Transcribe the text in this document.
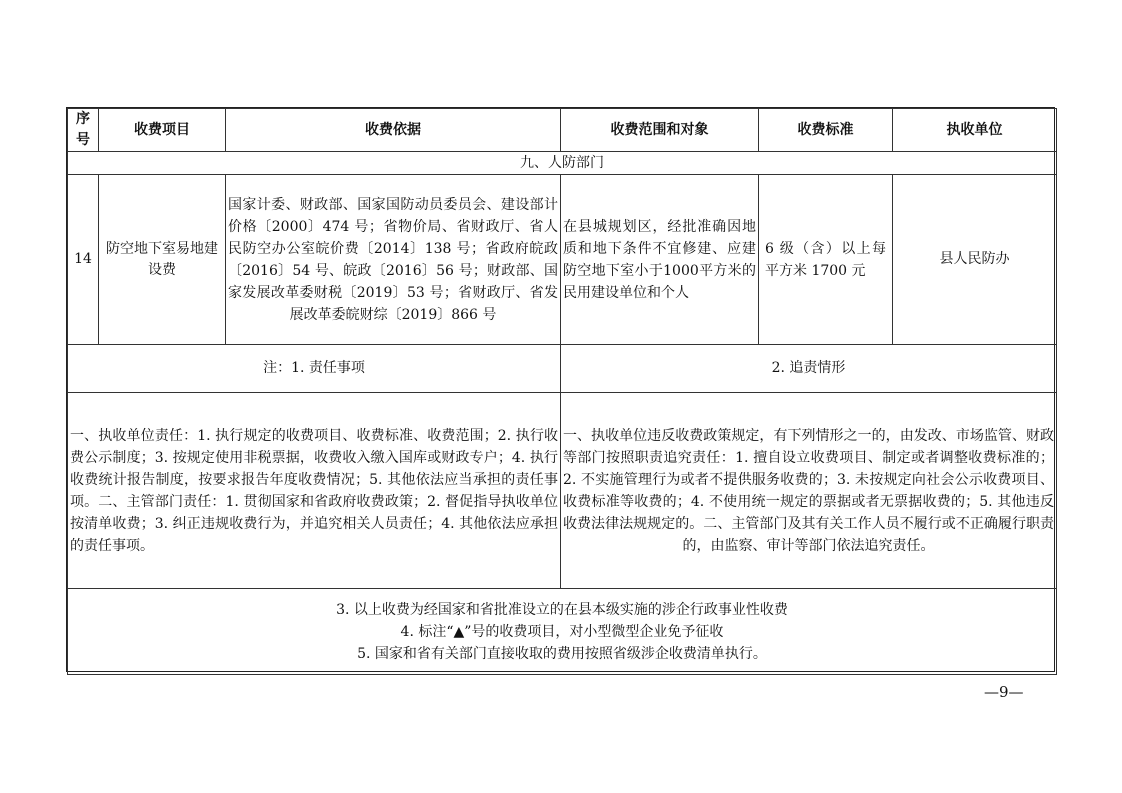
序号	收费项目	收费依据	收费范围和对象	收费标准	执收单位
九、人防部门					
14	防空地下室易地建设费	国家计委、财政部、国家国防动员委员会、建设部计价格〔2000〕474 号；省物价局、省财政厅、省人民防空办公室皖价费〔2014〕138 号；省政府皖政〔2016〕54 号、皖政〔2016〕56 号；财政部、国家发展改革委财税〔2019〕53 号；省财政厅、省发展改革委皖财综〔2019〕866 号	在县城规划区，经批准确因地质和地下条件不宜修建、应建防空地下室小于1000平方米的民用建设单位和个人	6 级（含）以上每平方米 1700 元	县人民防办
注：1. 责任事项			2. 追责情形		
一、执收单位责任：1. 执行规定的收费项目、收费标准、收费范围；2. 执行收费公示制度；3. 按规定使用非税票据，收费收入缴入国库或财政专户；4. 执行收费统计报告制度，按要求报告年度收费情况；5. 其他依法应当承担的责任事项。二、主管部门责任：1. 贯彻国家和省政府收费政策；2. 督促指导执收单位按清单收费；3. 纠正违规收费行为，并追究相关人员责任；4. 其他依法应承担的责任事项。			一、执收单位违反收费政策规定，有下列情形之一的，由发改、市场监管、财政等部门按照职责追究责任：1. 擅自设立收费项目、制定或者调整收费标准的；2. 不实施管理行为或者不提供服务收费的；3. 未按规定向社会公示收费项目、收费标准等收费的；4. 不使用统一规定的票据或者无票据收费的；5. 其他违反收费法律法规规定的。二、主管部门及其有关工作人员不履行或不正确履行职责的，由监察、审计等部门依法追究责任。		

3. 以上收费为经国家和省批准设立的在县本级实施的涉企行政事业性收费
4. 标注“▲”号的收费项目，对小型微型企业免予征收
5. 国家和省有关部门直接收取的费用按照省级涉企收费清单执行。					
—9—
